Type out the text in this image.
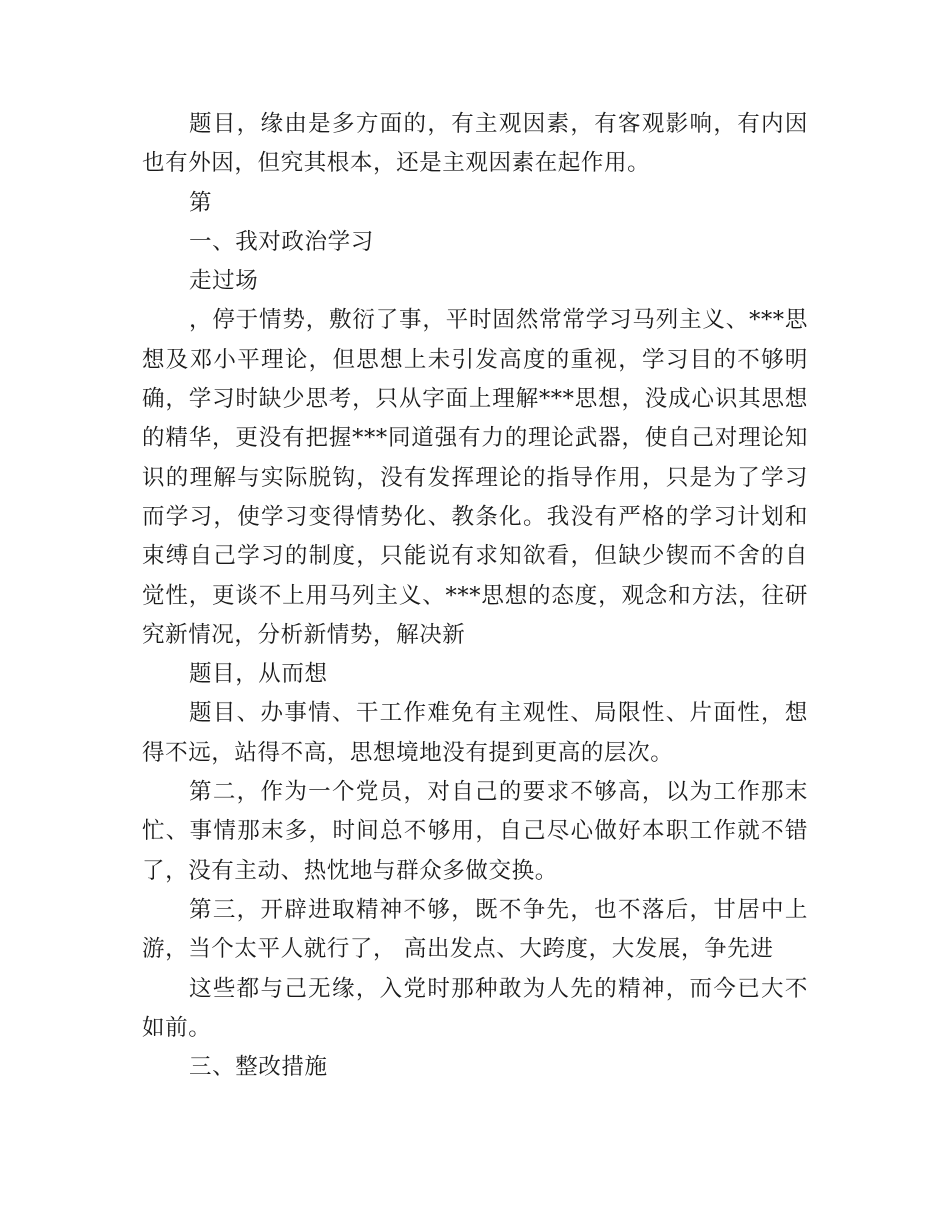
题目，缘由是多方面的，有主观因素，有客观影响，有内因也有外因，但究其根本，还是主观因素在起作用。

第

一、我对政治学习

走过场

，停于情势，敷衍了事，平时固然常常学习马列主义、***思想及邓小平理论，但思想上未引发高度的重视，学习目的不够明确，学习时缺少思考，只从字面上理解***思想，没成心识其思想的精华，更没有把握***同道强有力的理论武器，使自己对理论知识的理解与实际脱钩，没有发挥理论的指导作用，只是为了学习而学习，使学习变得情势化、教条化。我没有严格的学习计划和束缚自己学习的制度，只能说有求知欲看，但缺少锲而不舍的自觉性，更谈不上用马列主义、***思想的态度，观念和方法，往研究新情况，分析新情势，解决新

题目，从而想

题目、办事情、干工作难免有主观性、局限性、片面性，想得不远，站得不高，思想境地没有提到更高的层次。

第二，作为一个党员，对自己的要求不够高，以为工作那末忙、事情那末多，时间总不够用，自己尽心做好本职工作就不错了，没有主动、热忱地与群众多做交换。

第三，开辟进取精神不够，既不争先，也不落后，甘居中上游，当个太平人就行了， 高出发点、大跨度，大发展，争先进

这些都与己无缘，入党时那种敢为人先的精神，而今已大不如前。

三、整改措施
